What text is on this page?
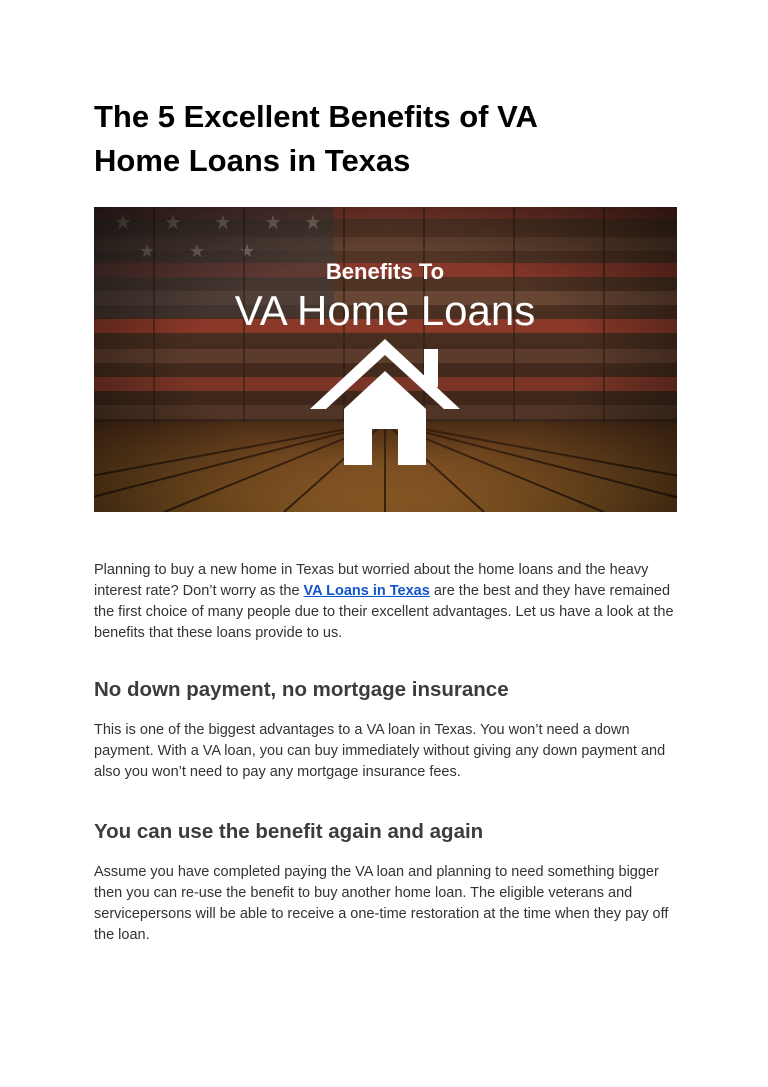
The 5 Excellent Benefits of VA
Home Loans in Texas
Benefits To
VA Home Loans

Planning to buy a new home in Texas but worried about the home loans and the heavy interest rate? Don’t worry as the VA Loans in Texas are the best and they have remained the first choice of many people due to their excellent advantages. Let us have a look at the benefits that these loans provide to us.

No down payment, no mortgage insurance

This is one of the biggest advantages to a VA loan in Texas. You won’t need a down payment. With a VA loan, you can buy immediately without giving any down payment and also you won’t need to pay any mortgage insurance fees.

You can use the benefit again and again

Assume you have completed paying the VA loan and planning to need something bigger then you can re-use the benefit to buy another home loan. The eligible veterans and servicepersons will be able to receive a one-time restoration at the time when they pay off the loan.
